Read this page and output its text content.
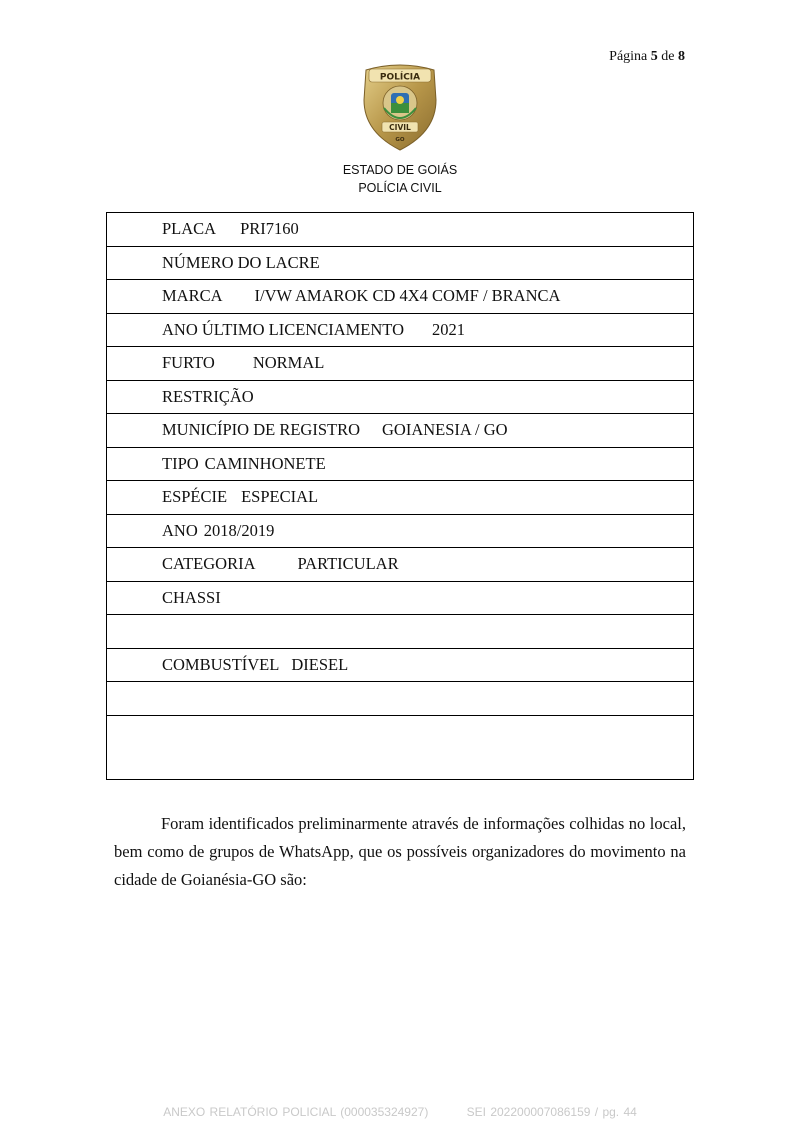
Página 5 de 8
POLÍCIA
CIVIL
GO
ESTADO DE GOIÁS
POLÍCIA CIVIL
PLACA PRI7160
NÚMERO DO LACRE
MARCA I/VW AMAROK CD 4X4 COMF / BRANCA
ANO ÚLTIMO LICENCIAMENTO 2021
FURTO NORMAL
RESTRIÇÃO
MUNICÍPIO DE REGISTRO GOIANESIA / GO
TIPO CAMINHONETE
ESPÉCIE ESPECIAL
ANO 2018/2019
CATEGORIA	PARTICULAR
CHASSI
COMBUSTÍVEL DIESEL
Foram identificados preliminarmente através de informações colhidas no local, bem como de grupos de WhatsApp, que os possíveis organizadores do movimento na cidade de Goianésia-GO são:
ANEXO RELATÓRIO POLICIAL (000035324927)	SEI 202200007086159 / pg. 44
